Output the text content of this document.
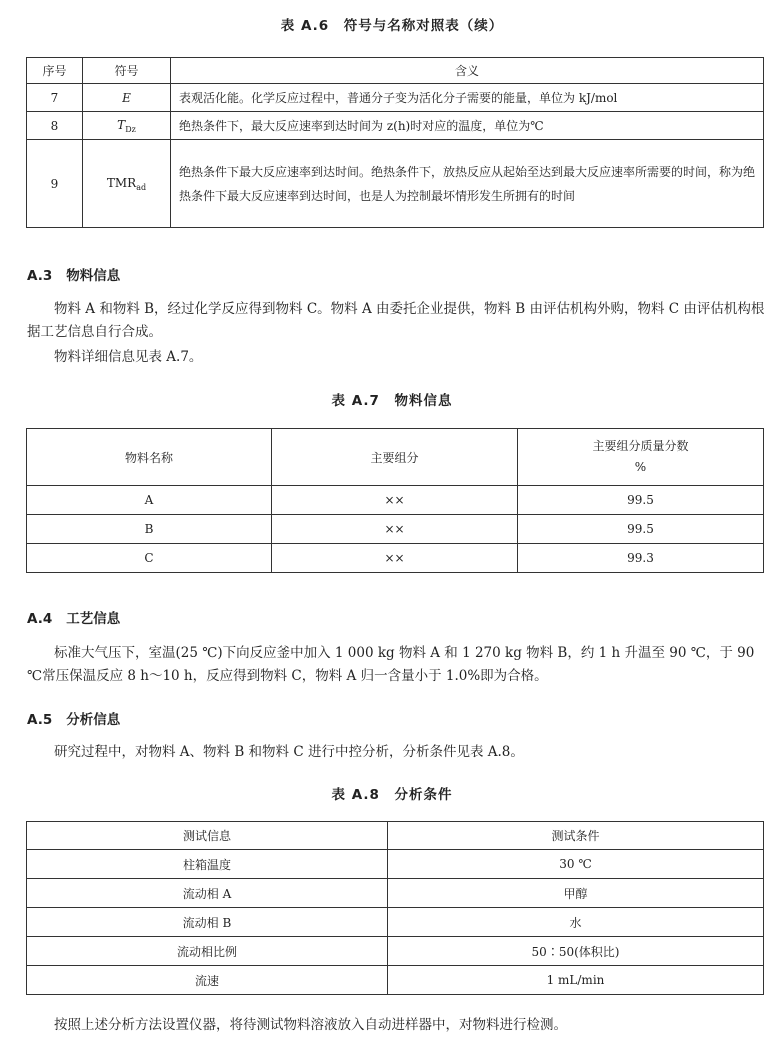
表 A.6　符号与名称对照表（续）
序号	符号	含义
7	E	表观活化能。化学反应过程中，普通分子变为活化分子需要的能量，单位为 kJ/mol
8	$T_{Dz}$	绝热条件下，最大反应速率到达时间为 z(h)时对应的温度，单位为℃
9	$TMR_{ad}$	绝热条件下最大反应速率到达时间。绝热条件下，放热反应从起始至达到最大反应速率所需要的时间，称为绝热条件下最大反应速率到达时间，也是人为控制最坏情形发生所拥有的时间
A.3 物料信息
物料 A 和物料 B，经过化学反应得到物料 C。物料 A 由委托企业提供，物料 B 由评估机构外购，物料 C 由评估机构根据工艺信息自行合成。
物料详细信息见表 A.7。
表 A.7　物料信息
物料名称	主要组分	主要组分质量分数
%

A	××	99.5
B	××	99.5
C	××	99.3
A.4 工艺信息
标准大气压下，室温(25 ℃)下向反应釜中加入 1 000 kg 物料 A 和 1 270 kg 物料 B，约 1 h 升温至 90 ℃，于 90 ℃常压保温反应 8 h～10 h，反应得到物料 C，物料 A 归一含量小于 1.0%即为合格。
A.5 分析信息
研究过程中，对物料 A、物料 B 和物料 C 进行中控分析，分析条件见表 A.8。
表 A.8　分析条件
测试信息	测试条件
柱箱温度	30 ℃
流动相 A	甲醇
流动相 B	水
流动相比例	50∶50(体积比)
流速	1 mL/min
按照上述分析方法设置仪器，将待测试物料溶液放入自动进样器中，对物料进行检测。
